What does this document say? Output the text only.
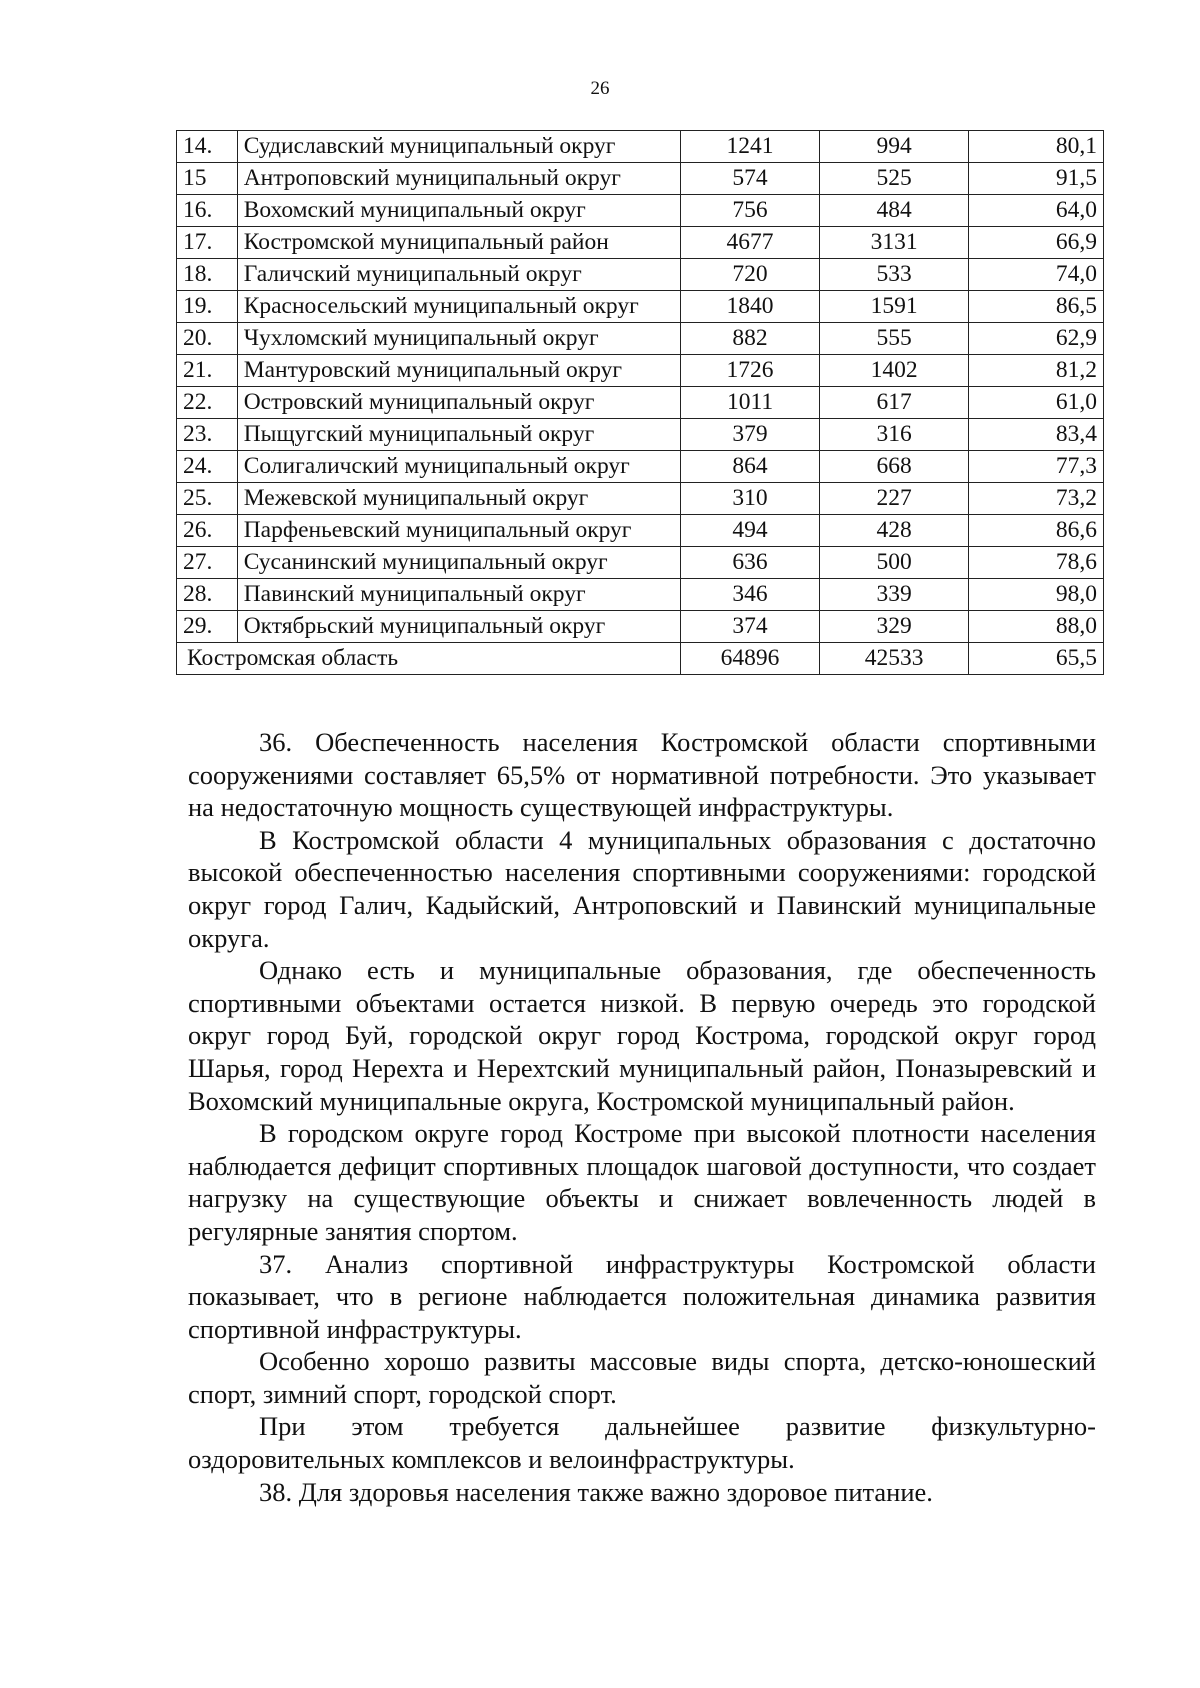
26
14.	Судиславский муниципальный округ	1241	994	80,1
15	Антроповский муниципальный округ	574	525	91,5
16.	Вохомский муниципальный округ	756	484	64,0
17.	Костромской муниципальный район	4677	3131	66,9
18.	Галичский муниципальный округ	720	533	74,0
19.	Красносельский муниципальный округ	1840	1591	86,5
20.	Чухломский муниципальный округ	882	555	62,9
21.	Мантуровский муниципальный округ	1726	1402	81,2
22.	Островский муниципальный округ	1011	617	61,0
23.	Пыщугский муниципальный округ	379	316	83,4
24.	Солигаличский муниципальный округ	864	668	77,3
25.	Межевской муниципальный округ	310	227	73,2
26.	Парфеньевский муниципальный округ	494	428	86,6
27.	Сусанинский муниципальный округ	636	500	78,6
28.	Павинский муниципальный округ	346	339	98,0
29.	Октябрьский муниципальный округ	374	329	88,0
Костромская область		64896	42533	65,5

36. Обеспеченность населения Костромской области спортивными сооружениями составляет 65,5% от нормативной потребности. Это указывает на недостаточную мощность существующей инфраструктуры.

В Костромской области 4 муниципальных образования с достаточно высокой обеспеченностью населения спортивными сооружениями: городской округ город Галич, Кадыйский, Антроповский и Павинский муниципальные округа.

Однако есть и муниципальные образования, где обеспеченность спортивными объектами остается низкой. В первую очередь это городской округ город Буй, городской округ город Кострома, городской округ город Шарья, город Нерехта и Нерехтский муниципальный район, Поназыревский и Вохомский муниципальные округа, Костромской муниципальный район.

В городском округе город Костроме при высокой плотности населения наблюдается дефицит спортивных площадок шаговой доступности, что создает нагрузку на существующие объекты и снижает вовлеченность людей в регулярные занятия спортом.

37. Анализ спортивной инфраструктуры Костромской области показывает, что в регионе наблюдается положительная динамика развития спортивной инфраструктуры.

Особенно хорошо развиты массовые виды спорта, детско-юношеский спорт, зимний спорт, городской спорт.

При этом требуется дальнейшее развитие физкультурно-оздоровительных комплексов и велоинфраструктуры.

38. Для здоровья населения также важно здоровое питание.
